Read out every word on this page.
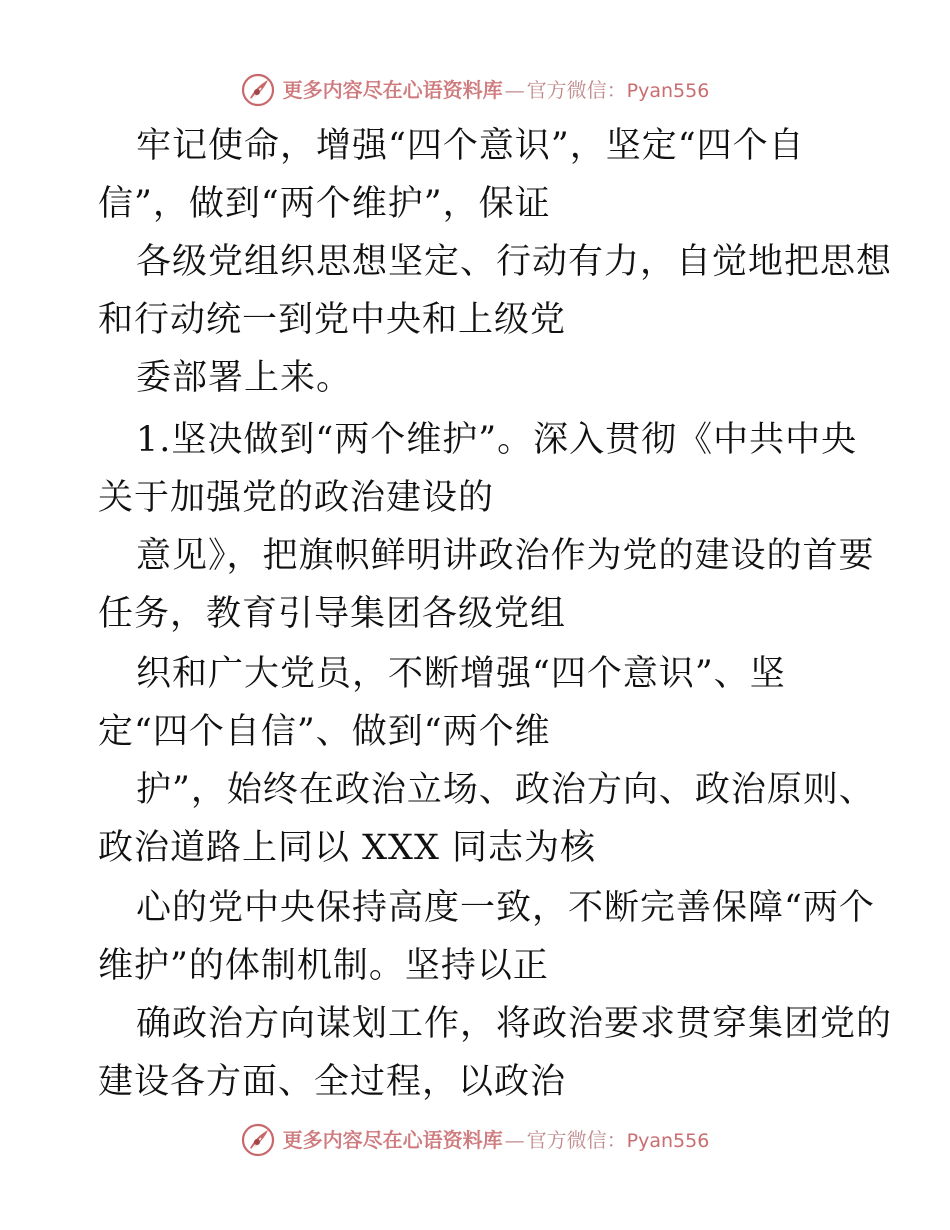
更多内容尽在心语资料库 — 官方微信： Pyan556
牢记使命，增强“四个意识”，坚定“四个自
信”，做到“两个维护”，保证
各级党组织思想坚定、行动有力，自觉地把思想
和行动统一到党中央和上级党
委部署上来。
1.坚决做到“两个维护”。深入贯彻《中共中央
关于加强党的政治建设的
意见》，把旗帜鲜明讲政治作为党的建设的首要
任务，教育引导集团各级党组
织和广大党员，不断增强“四个意识”、坚
定“四个自信”、做到“两个维
护”，始终在政治立场、政治方向、政治原则、
政治道路上同以 XXX 同志为核
心的党中央保持高度一致，不断完善保障“两个
维护”的体制机制。坚持以正
确政治方向谋划工作，将政治要求贯穿集团党的
建设各方面、全过程，以政治
更多内容尽在心语资料库 — 官方微信： Pyan556
